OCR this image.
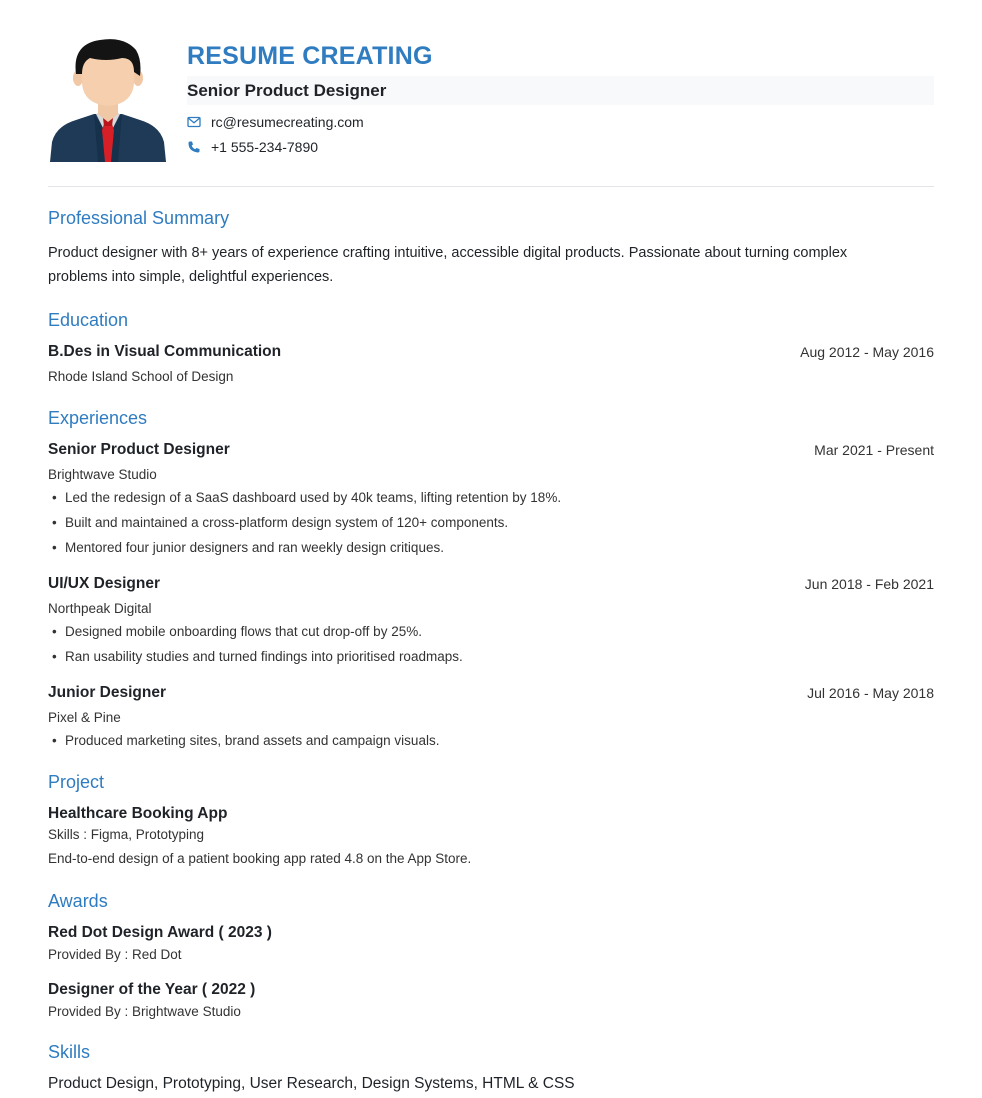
RESUME CREATING
Senior Product Designer
rc@resumecreating.com
+1 555-234-7890
Professional Summary
Product designer with 8+ years of experience crafting intuitive, accessible digital products. Passionate about turning complex
problems into simple, delightful experiences.
Education
B.Des in Visual Communication	Aug 2012 - May 2016
Rhode Island School of Design
Experiences
Senior Product Designer	Mar 2021 - Present
Brightwave Studio
• Led the redesign of a SaaS dashboard used by 40k teams, lifting retention by 18%.
• Built and maintained a cross-platform design system of 120+ components.
• Mentored four junior designers and ran weekly design critiques.
UI/UX Designer	Jun 2018 - Feb 2021
Northpeak Digital
• Designed mobile onboarding flows that cut drop-off by 25%.
• Ran usability studies and turned findings into prioritised roadmaps.
Junior Designer	Jul 2016 - May 2018
Pixel & Pine
• Produced marketing sites, brand assets and campaign visuals.
Project
Healthcare Booking App
Skills : Figma, Prototyping
End-to-end design of a patient booking app rated 4.8 on the App Store.
Awards
Red Dot Design Award ( 2023 )
Provided By : Red Dot
Designer of the Year ( 2022 )
Provided By : Brightwave Studio
Skills
Product Design, Prototyping, User Research, Design Systems, HTML & CSS
